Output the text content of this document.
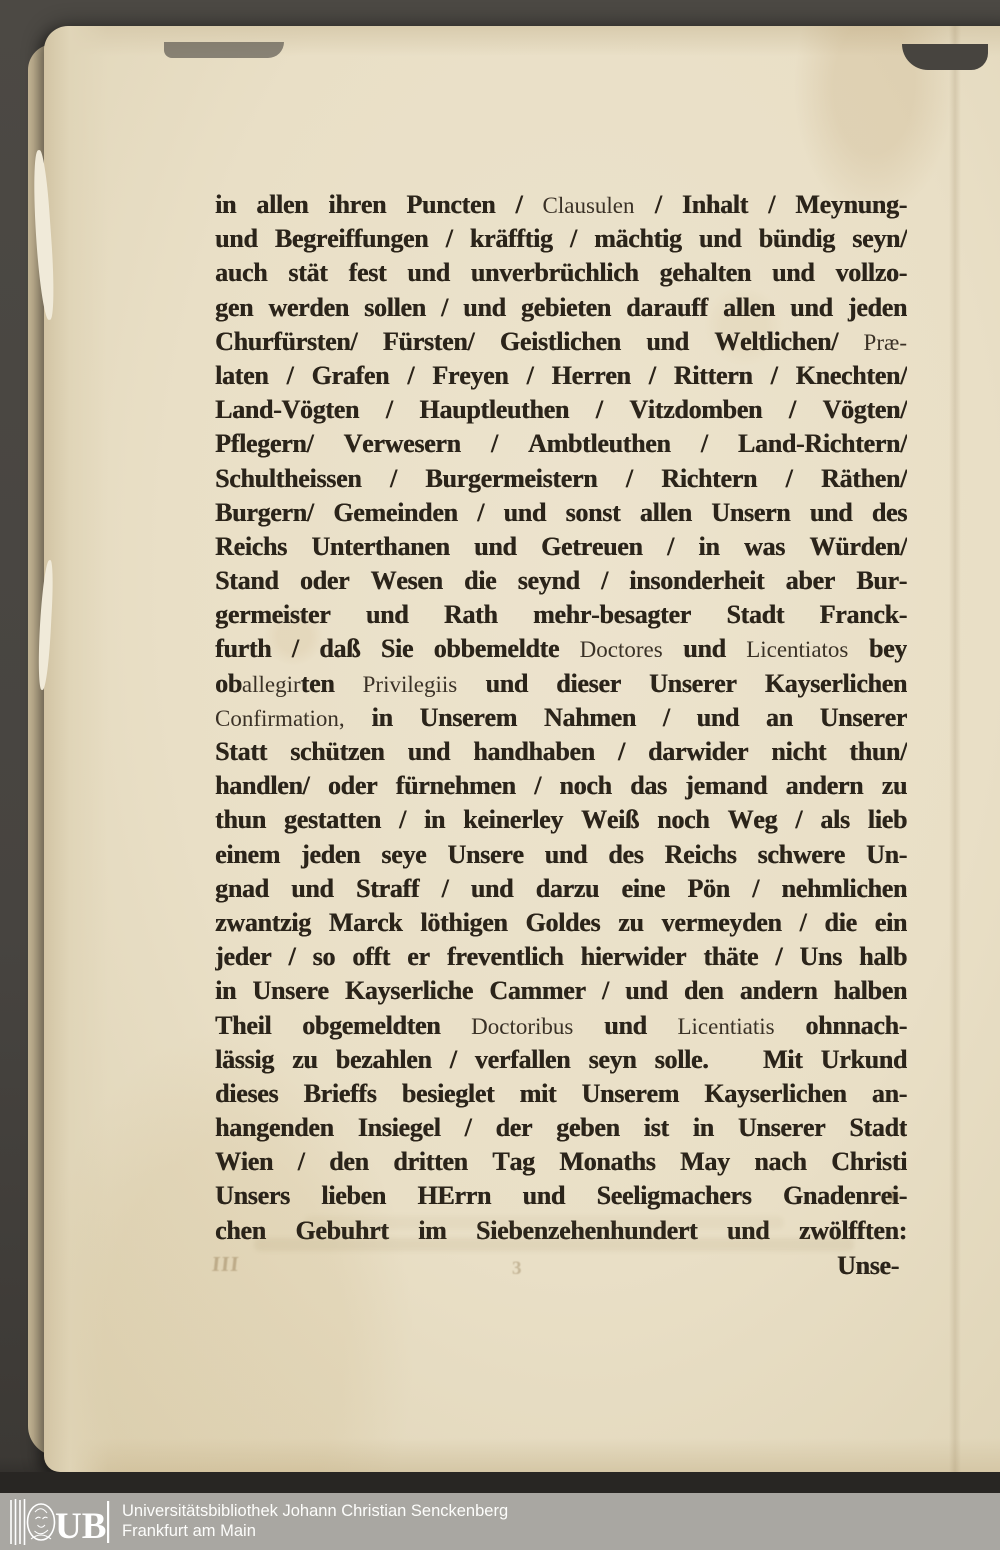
in allen ihren Puncten / Clausulen / Inhalt / Meynung-
und Begreiffungen / kräfftig / mächtig und bündig seyn/
auch stät fest und unverbrüchlich gehalten und vollzo-
gen werden sollen / und gebieten darauff allen und jeden
Churfürsten/ Fürsten/ Geistlichen und Weltlichen/ Præ-
laten / Grafen / Freyen / Herren / Rittern / Knechten/
Land-Vögten / Hauptleuthen / Vitzdomben / Vögten/
Pflegern/ Verwesern / Ambtleuthen / Land-Richtern/
Schultheissen / Burgermeistern / Richtern / Räthen/
Burgern/ Gemeinden / und sonst allen Unsern und des
Reichs Unterthanen und Getreuen / in was Würden/
Stand oder Wesen die seynd / insonderheit aber Bur-
germeister und Rath mehr-besagter Stadt Franck-
furth / daß Sie obbemeldte Doctores und Licentiatos bey
oballegirten Privilegiis und dieser Unserer Kayserlichen
Confirmation, in Unserem Nahmen / und an Unserer
Statt schützen und handhaben / darwider nicht thun/
handlen/ oder fürnehmen / noch das jemand andern zu
thun gestatten / in keinerley Weiß noch Weg / als lieb
einem jeden seye Unsere und des Reichs schwere Un-
gnad und Straff / und darzu eine Pön / nehmlichen
zwantzig Marck löthigen Goldes zu vermeyden / die ein
jeder / so offt er freventlich hierwider thäte / Uns halb
in Unsere Kayserliche Cammer / und den andern halben
Theil obgemeldten Doctoribus und Licentiatis ohnnach-
lässig zu bezahlen / verfallen seyn solle.   Mit Urkund
dieses Brieffs besieglet mit Unserem Kayserlichen an-
hangenden Insiegel / der geben ist in Unserer Stadt
Wien / den dritten Tag Monaths May nach Christi
Unsers lieben HErrn und Seeligmachers Gnadenrei-
chen Gebuhrt im Siebenzehenhundert und zwölfften:
Unse-
III	3
UB Universitätsbibliothek Johann Christian Senckenberg
Frankfurt am Main
